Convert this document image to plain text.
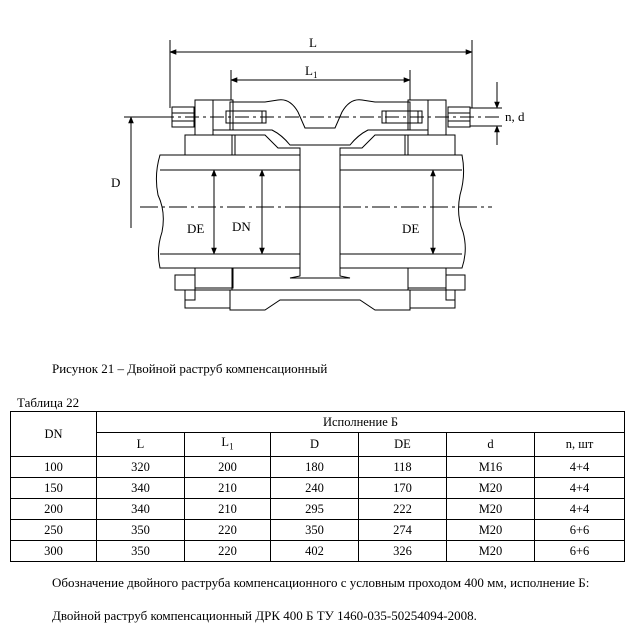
L
$L_1$
D
DE DN	DE
n, d
Рисунок 21 – Двойной раструб компенсационный
Таблица 22
DN	Исполнение Б					
	L	$L_1$	D	DE	d	n, шт
100	320	200	180	118	М16	4+4
150	340	210	240	170	М20	4+4
200	340	210	295	222	М20	4+4
250	350	220	350	274	М20	6+6
300	350	220	402	326	М20	6+6
Обозначение двойного раструба компенсационного с условным проходом 400 мм, исполнение Б:
Двойной раструб компенсационный ДРК 400 Б ТУ 1460-035-50254094-2008.
